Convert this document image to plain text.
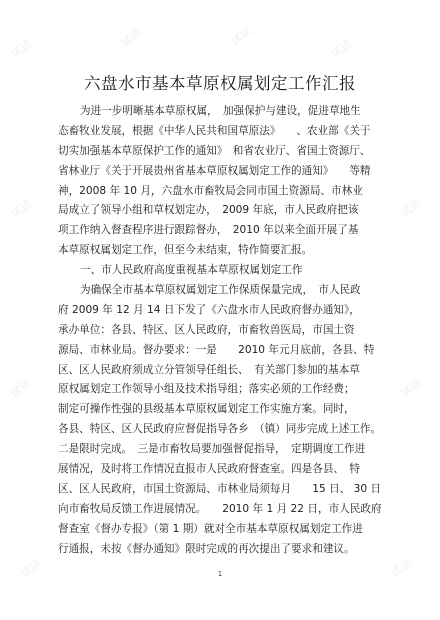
试读	试读	试读
试读
试读	试读
试读	试读
试读	试读
六盘水市基本草原权属划定工作汇报
为进一步明晰基本草原权属，　加强保护与建设，促进草地生
态畜牧业发展，根据《中华人民共和国草原法》　　、农业部《关于
切实加强基本草原保护工作的通知》　和省农业厅、省国土资源厅、
省林业厅《关于开展贵州省基本草原权属划定工作的通知》　　等精
神，2008 年 10 月，六盘水市畜牧局会同市国土资源局、市林业
局成立了领导小组和草权划定办，　2009 年底，市人民政府把该
项工作纳入督查程序进行跟踪督办，　2010 年以来全面开展了基
本草原权属划定工作，但至今未结束，特作简要汇报。
一、市人民政府高度重视基本草原权属划定工作
为确保全市基本草原权属划定工作保质保量完成，　市人民政
府 2009 年 12 月 14 日下发了《六盘水市人民政府督办通知》，
承办单位：各县、特区、区人民政府，市畜牧兽医局，市国土资
源局、市林业局。督办要求：一是　　2010 年元月底前，各县、特
区、区人民政府须成立分管领导任组长、　有关部门参加的基本草
原权属划定工作领导小组及技术指导组；落实必须的工作经费；
制定可操作性强的县级基本草原权属划定工作实施方案。同时，
各县、特区、区人民政府应督促指导各乡　（镇）同步完成上述工作。
二是限时完成。　三是市畜牧局要加强督促指导，　定期调度工作进
展情况，及时将工作情况直报市人民政府督查室。四是各县、　特
区、区人民政府，市国土资源局、市林业局须每月　　15 日、 30 日
向市畜牧局反馈工作进展情况。　　2010 年 1 月 22 日，市人民政府
督查室《督办专报》（第 1 期）就对全市基本草原权属划定工作进
行通报，未按《督办通知》限时完成的再次提出了要求和建议。
1
